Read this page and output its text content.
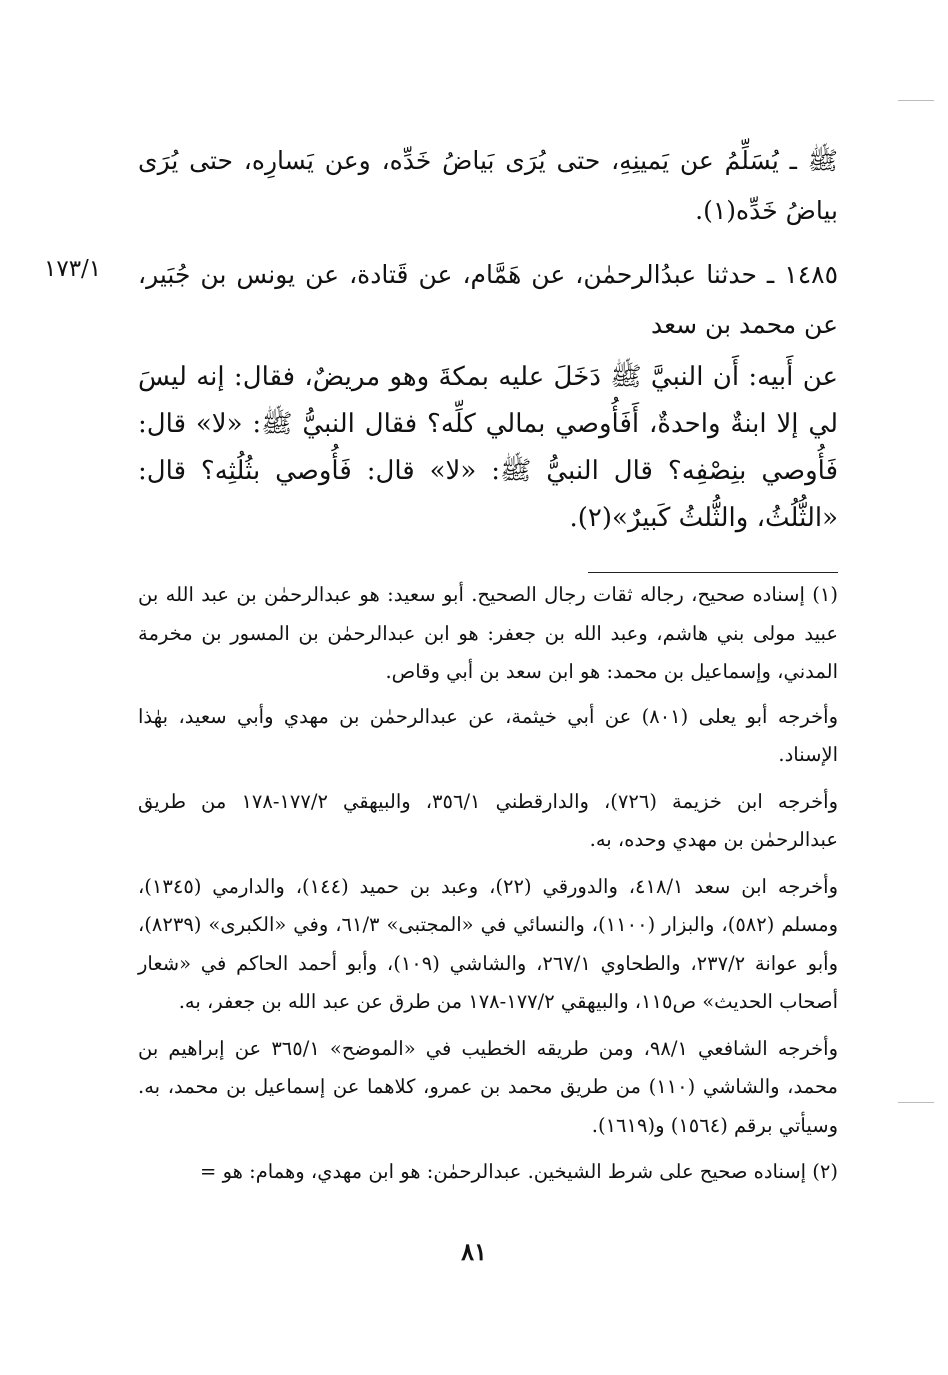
ﷺ ـ يُسَلِّمُ عن يَمينِهِ، حتى يُرَى بَياضُ خَدِّه، وعن يَسارِه، حتى يُرَى بياضُ خَدِّه(١).
١٧٣/١	١٤٨٥ ـ حدثنا عبدُالرحمٰن، عن هَمَّام، عن قَتادة، عن يونس بن جُبَير، عن محمد بن سعد
عن أَبيه: أَن النبيَّ ﷺ دَخَلَ عليه بمكةَ وهو مريضٌ، فقال: إنه ليسَ لي إلا ابنةٌ واحدةٌ، أَفَأُوصي بمالي كلِّه؟ فقال النبيُّ ﷺ: «لا» قال: فَأُوصي بنِصْفِه؟ قال النبيُّ ﷺ: «لا» قال: فَأُوصي بثُلُثِه؟ قال: «الثُّلُثُ، والثُّلثُ كَبيرٌ»(٢).

(١) إسناده صحيح، رجاله ثقات رجال الصحيح. أبو سعيد: هو عبدالرحمٰن بن عبد الله بن عبيد مولى بني هاشم، وعبد الله بن جعفر: هو ابن عبدالرحمٰن بن المسور بن مخرمة المدني، وإسماعيل بن محمد: هو ابن سعد بن أبي وقاص.

وأخرجه أبو يعلى (٨٠١) عن أبي خيثمة، عن عبدالرحمٰن بن مهدي وأبي سعيد، بهٰذا الإسناد.

وأخرجه ابن خزيمة (٧٢٦)، والدارقطني ٣٥٦/١، والبيهقي ١٧٧/٢-١٧٨ من طريق عبدالرحمٰن بن مهدي وحده، به.

وأخرجه ابن سعد ٤١٨/١، والدورقي (٢٢)، وعبد بن حميد (١٤٤)، والدارمي (١٣٤٥)، ومسلم (٥٨٢)، والبزار (١١٠٠)، والنسائي في «المجتبى» ٦١/٣، وفي «الكبرى» (٨٢٣٩)، وأبو عوانة ٢٣٧/٢، والطحاوي ٢٦٧/١، والشاشي (١٠٩)، وأبو أحمد الحاكم في «شعار أصحاب الحديث» ص١١٥، والبيهقي ١٧٧/٢-١٧٨ من طرق عن عبد الله بن جعفر، به.

وأخرجه الشافعي ٩٨/١، ومن طريقه الخطيب في «الموضح» ٣٦٥/١ عن إبراهيم بن محمد، والشاشي (١١٠) من طريق محمد بن عمرو، كلاهما عن إسماعيل بن محمد، به. وسيأتي برقم (١٥٦٤) و(١٦١٩).

(٢) إسناده صحيح على شرط الشيخين. عبدالرحمٰن: هو ابن مهدي، وهمام: هو =

٨١
